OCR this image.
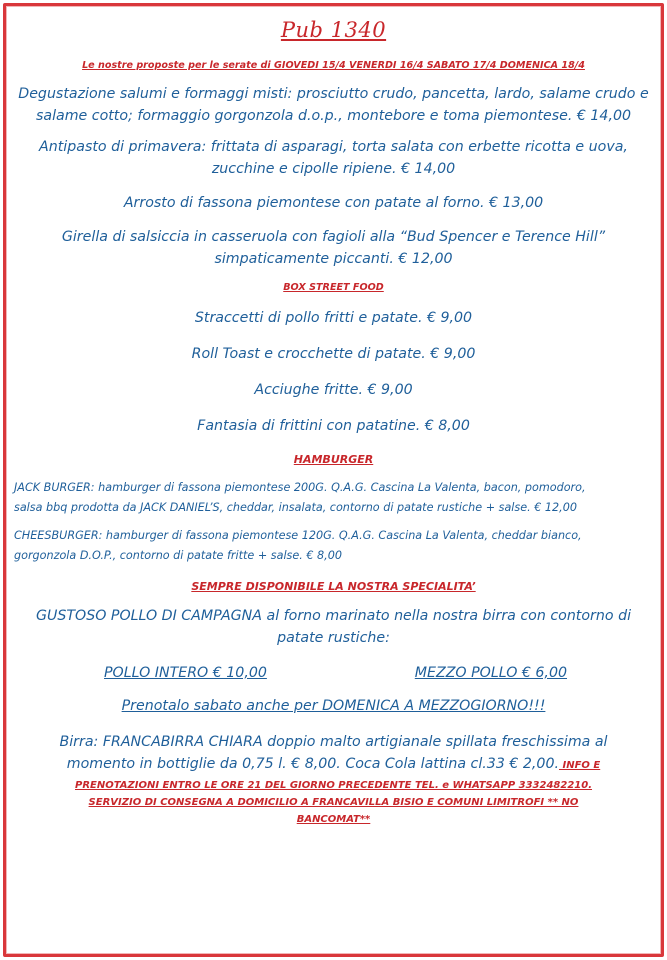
Pub 1340

Le nostre proposte per le serate di GIOVEDI 15/4 VENERDI 16/4 SABATO 17/4 DOMENICA 18/4

Degustazione salumi e formaggi misti: prosciutto crudo, pancetta, lardo, salame crudo e

salame cotto; formaggio gorgonzola d.o.p., montebore e toma piemontese. € 14,00

Antipasto di primavera: frittata di asparagi, torta salata con erbette ricotta e uova,

zucchine e cipolle ripiene. € 14,00

Arrosto di fassona piemontese con patate al forno. € 13,00

Girella di salsiccia in casseruola con fagioli alla “Bud Spencer e Terence Hill”

simpaticamente piccanti. € 12,00

BOX STREET FOOD

Straccetti di pollo fritti e patate. € 9,00

Roll Toast e crocchette di patate. € 9,00

Acciughe fritte. € 9,00

Fantasia di frittini con patatine. € 8,00

HAMBURGER

JACK BURGER: hamburger di fassona piemontese 200G. Q.A.G. Cascina La Valenta, bacon, pomodoro,

salsa bbq prodotta da JACK DANIEL’S, cheddar, insalata, contorno di patate rustiche + salse. € 12,00

CHEESBURGER: hamburger di fassona piemontese 120G. Q.A.G. Cascina La Valenta, cheddar bianco,

gorgonzola D.O.P., contorno di patate fritte + salse. € 8,00

SEMPRE DISPONIBILE LA NOSTRA SPECIALITA’

GUSTOSO POLLO DI CAMPAGNA al forno marinato nella nostra birra con contorno di

patate rustiche:

POLLO INTERO € 10,00	MEZZO POLLO € 6,00

Prenotalo sabato anche per DOMENICA A MEZZOGIORNO!!!

Birra: FRANCABIRRA CHIARA doppio malto artigianale spillata freschissima al

momento in bottiglie da 0,75 l. € 8,00. Coca Cola lattina cl.33 € 2,00. INFO E

PRENOTAZIONI ENTRO LE ORE 21 DEL GIORNO PRECEDENTE TEL. e WHATSAPP 3332482210.

SERVIZIO DI CONSEGNA A DOMICILIO A FRANCAVILLA BISIO E COMUNI LIMITROFI ** NO

BANCOMAT**
